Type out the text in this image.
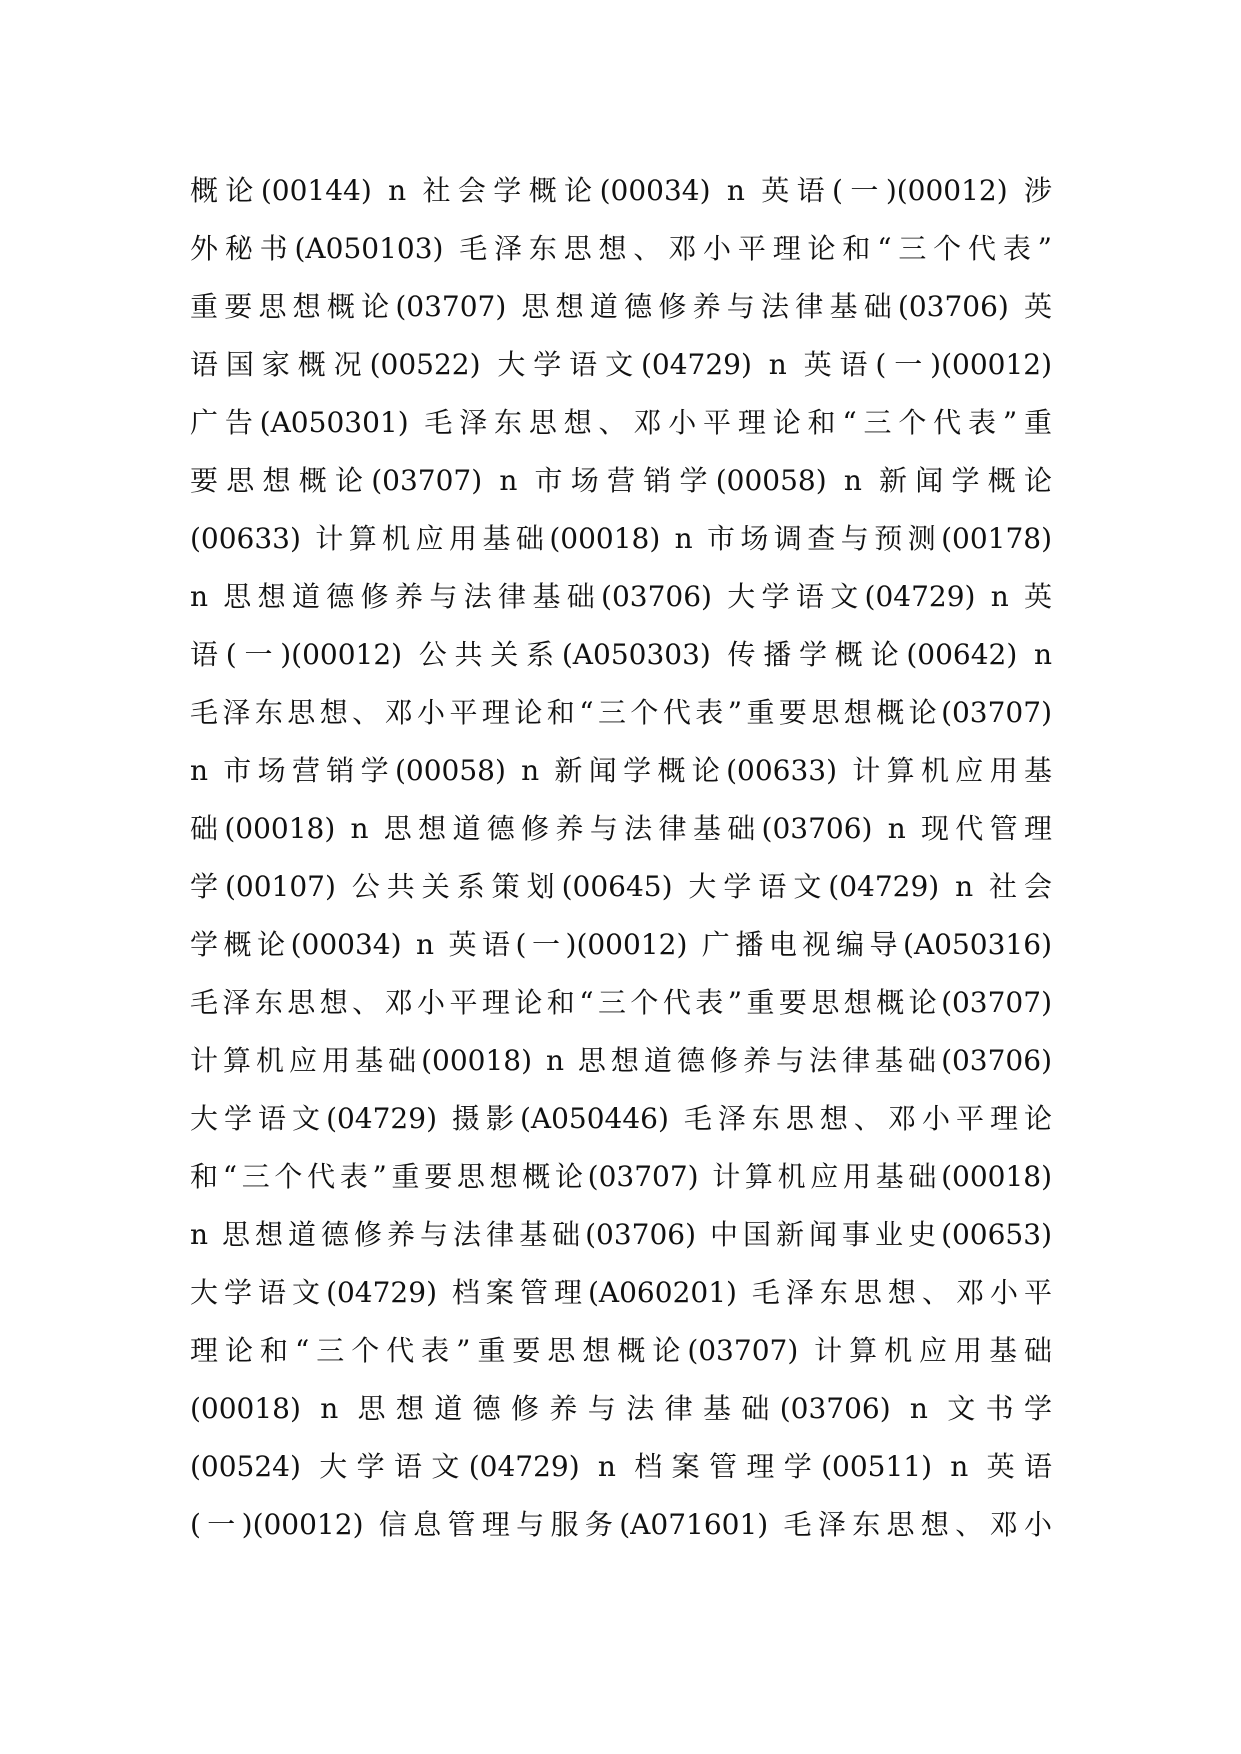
概论(00144) n 社会学概论(00034) n 英语(一)(00012) 涉
外秘书(A050103) 毛泽东思想、邓小平理论和“三个代表”
重要思想概论(03707) 思想道德修养与法律基础(03706) 英
语国家概况(00522) 大学语文(04729) n 英语(一)(00012)
广告(A050301) 毛泽东思想、邓小平理论和“三个代表”重
要思想概论(03707) n 市场营销学(00058) n 新闻学概论
(00633) 计算机应用基础(00018) n 市场调查与预测(00178)
n 思想道德修养与法律基础(03706) 大学语文(04729) n 英
语(一)(00012) 公共关系(A050303) 传播学概论(00642) n
毛泽东思想、邓小平理论和“三个代表”重要思想概论(03707)
n 市场营销学(00058) n 新闻学概论(00633) 计算机应用基
础(00018) n 思想道德修养与法律基础(03706) n 现代管理
学(00107) 公共关系策划(00645) 大学语文(04729) n 社会
学概论(00034) n 英语(一)(00012) 广播电视编导(A050316)
毛泽东思想、邓小平理论和“三个代表”重要思想概论(03707)
计算机应用基础(00018) n 思想道德修养与法律基础(03706)
大学语文(04729) 摄影(A050446) 毛泽东思想、邓小平理论
和“三个代表”重要思想概论(03707) 计算机应用基础(00018)
n 思想道德修养与法律基础(03706) 中国新闻事业史(00653)
大学语文(04729) 档案管理(A060201) 毛泽东思想、邓小平
理论和“三个代表”重要思想概论(03707) 计算机应用基础
(00018) n 思想道德修养与法律基础(03706) n 文书学
(00524) 大学语文(04729) n 档案管理学(00511) n 英语
(一)(00012) 信息管理与服务(A071601) 毛泽东思想、邓小
